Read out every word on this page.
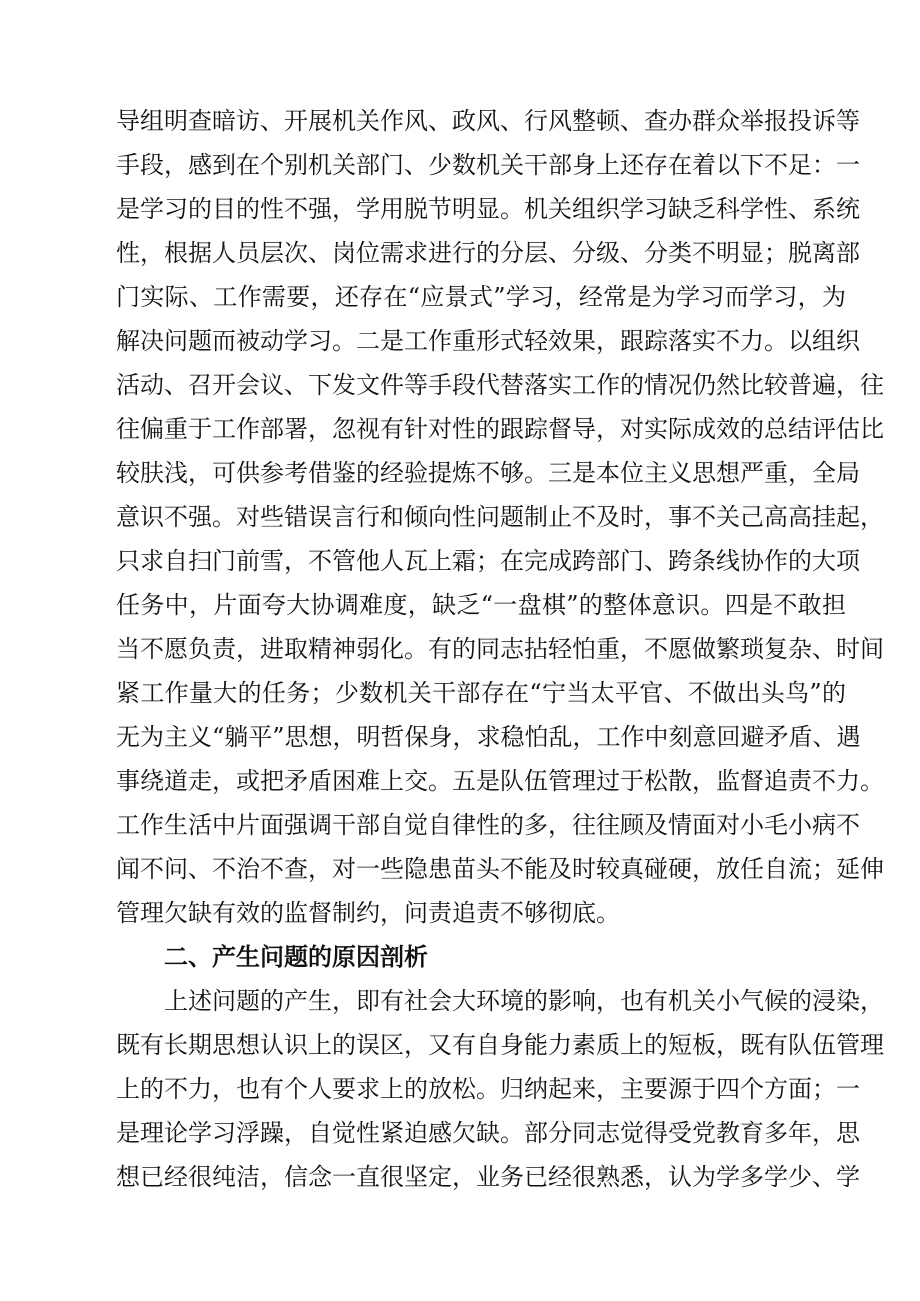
导组明查暗访、开展机关作风、政风、行风整顿、查办群众举报投诉等
手段，感到在个别机关部门、少数机关干部身上还存在着以下不足：一
是学习的目的性不强，学用脱节明显。机关组织学习缺乏科学性、系统
性，根据人员层次、岗位需求进行的分层、分级、分类不明显；脱离部
门实际、工作需要，还存在“应景式”学习，经常是为学习而学习，为
解决问题而被动学习。二是工作重形式轻效果，跟踪落实不力。以组织
活动、召开会议、下发文件等手段代替落实工作的情况仍然比较普遍，往
往偏重于工作部署，忽视有针对性的跟踪督导，对实际成效的总结评估比
较肤浅，可供参考借鉴的经验提炼不够。三是本位主义思想严重，全局
意识不强。对些错误言行和倾向性问题制止不及时，事不关己高高挂起，
只求自扫门前雪，不管他人瓦上霜；在完成跨部门、跨条线协作的大项
任务中，片面夸大协调难度，缺乏“一盘棋”的整体意识。四是不敢担
当不愿负责，进取精神弱化。有的同志拈轻怕重，不愿做繁琐复杂、时间
紧工作量大的任务；少数机关干部存在“宁当太平官、不做出头鸟”的
无为主义“躺平”思想，明哲保身，求稳怕乱，工作中刻意回避矛盾、遇
事绕道走，或把矛盾困难上交。五是队伍管理过于松散，监督追责不力。
工作生活中片面强调干部自觉自律性的多，往往顾及情面对小毛小病不
闻不问、不治不查，对一些隐患苗头不能及时较真碰硬，放任自流；延伸
管理欠缺有效的监督制约，问责追责不够彻底。
二、产生问题的原因剖析
上述问题的产生，即有社会大环境的影响，也有机关小气候的浸染，
既有长期思想认识上的误区，又有自身能力素质上的短板，既有队伍管理
上的不力，也有个人要求上的放松。归纳起来，主要源于四个方面；一
是理论学习浮躁，自觉性紧迫感欠缺。部分同志觉得受党教育多年，思
想已经很纯洁，信念一直很坚定，业务已经很熟悉，认为学多学少、学
